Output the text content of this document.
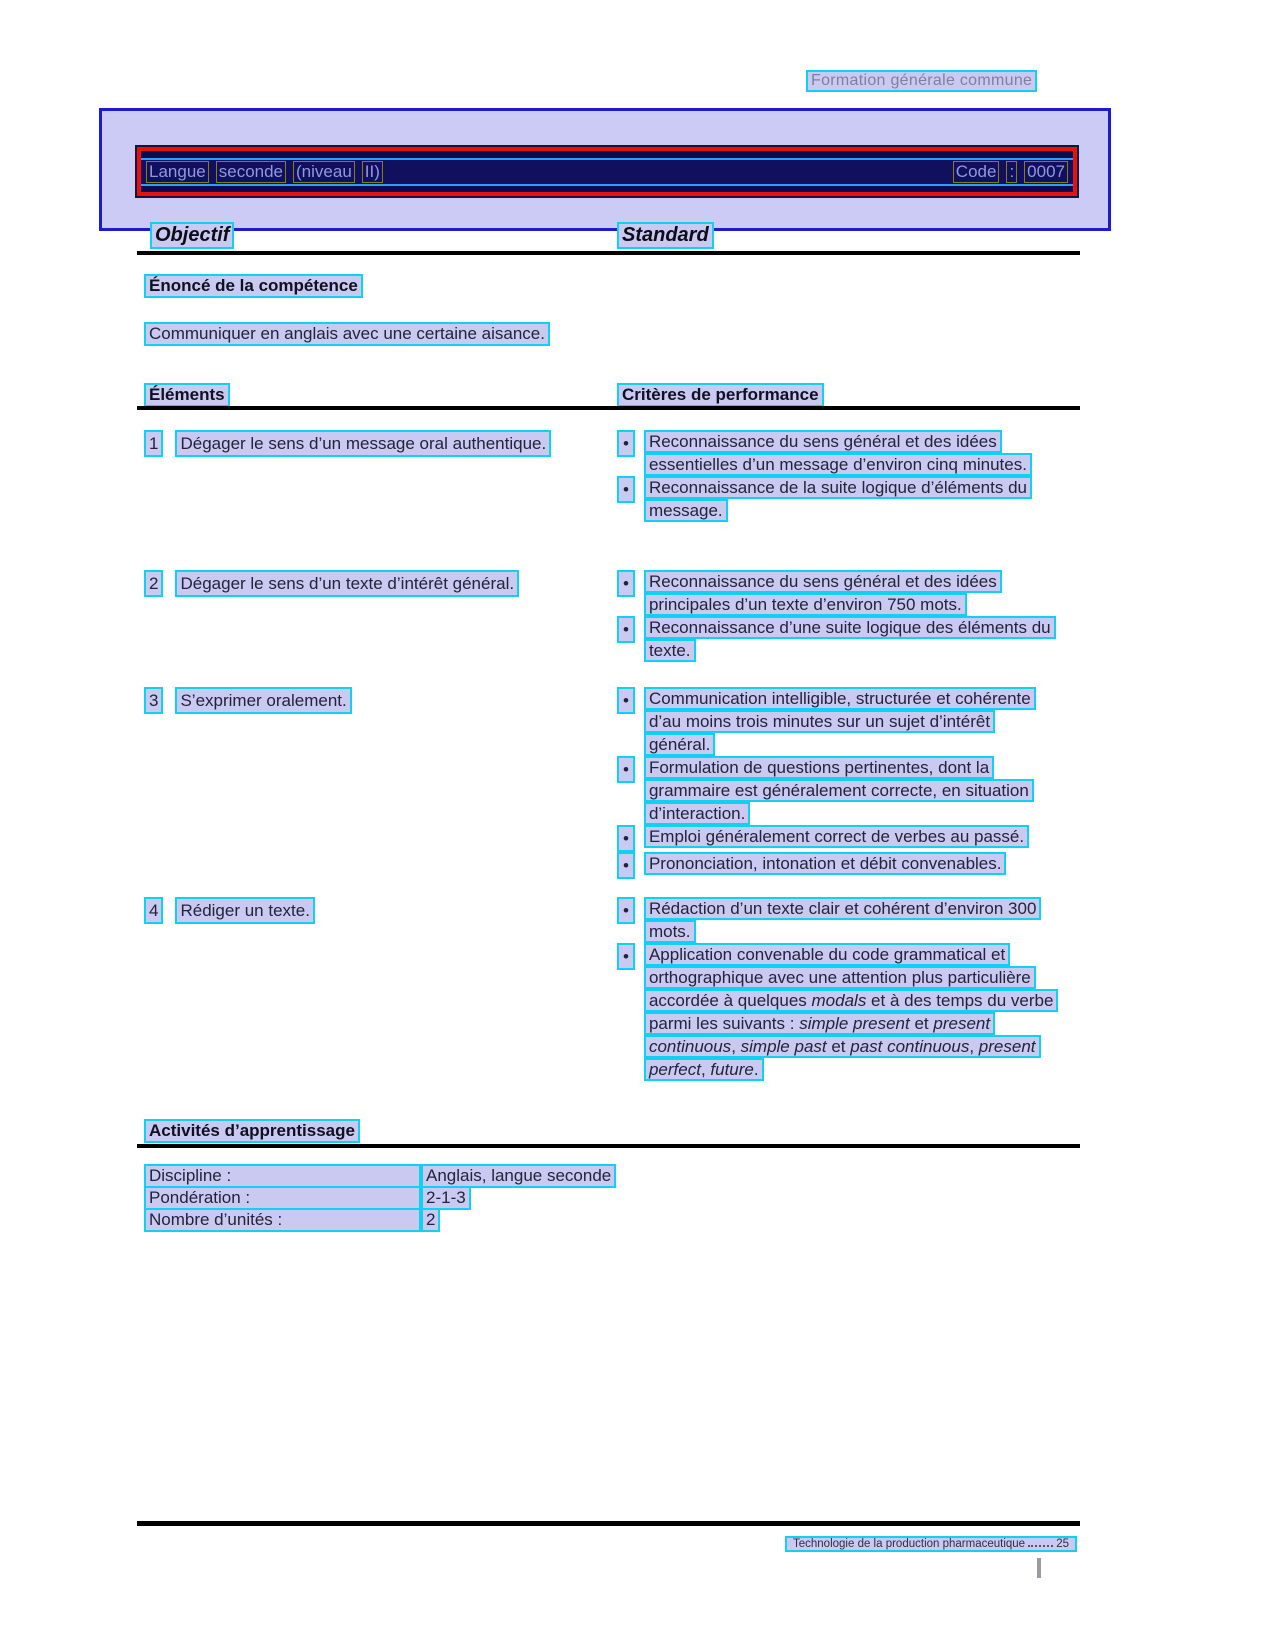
Formation générale commune
Langue seconde (niveau II)	Code : 0007
Objectif	Standard
Énoncé de la compétence
Communiquer en anglais avec une certaine aisance.
Éléments	Critères de performance
1 Dégager le sens d’un message oral authentique.	•	Reconnaissance du sens général et des idées essentielles d’un message d’environ cinq minutes.
•	Reconnaissance de la suite logique d’éléments du message.
2 Dégager le sens d’un texte d’intérêt général.	•	Reconnaissance du sens général et des idées principales d’un texte d’environ 750 mots.
•	Reconnaissance d’une suite logique des éléments du texte.
3 S’exprimer oralement.	•	Communication intelligible, structurée et cohérente d’au moins trois minutes sur un sujet d’intérêt général.
•	Formulation de questions pertinentes, dont la grammaire est généralement correcte, en situation d’interaction.
•	Emploi généralement correct de verbes au passé.
•	Prononciation, intonation et débit convenables.
4 Rédiger un texte.	•	Rédaction d’un texte clair et cohérent d’environ 300 mots.
•	Application convenable du code grammatical et orthographique avec une attention plus particulière accordée à quelques modals et à des temps du verbe parmi les suivants : simple present et present continuous, simple past et past continuous, present perfect, future.
Activités d’apprentissage
Discipline :	Anglais, langue seconde
Pondération :	2-1-3
Nombre d’unités :	2
Technologie de la production pharmaceutique	25
